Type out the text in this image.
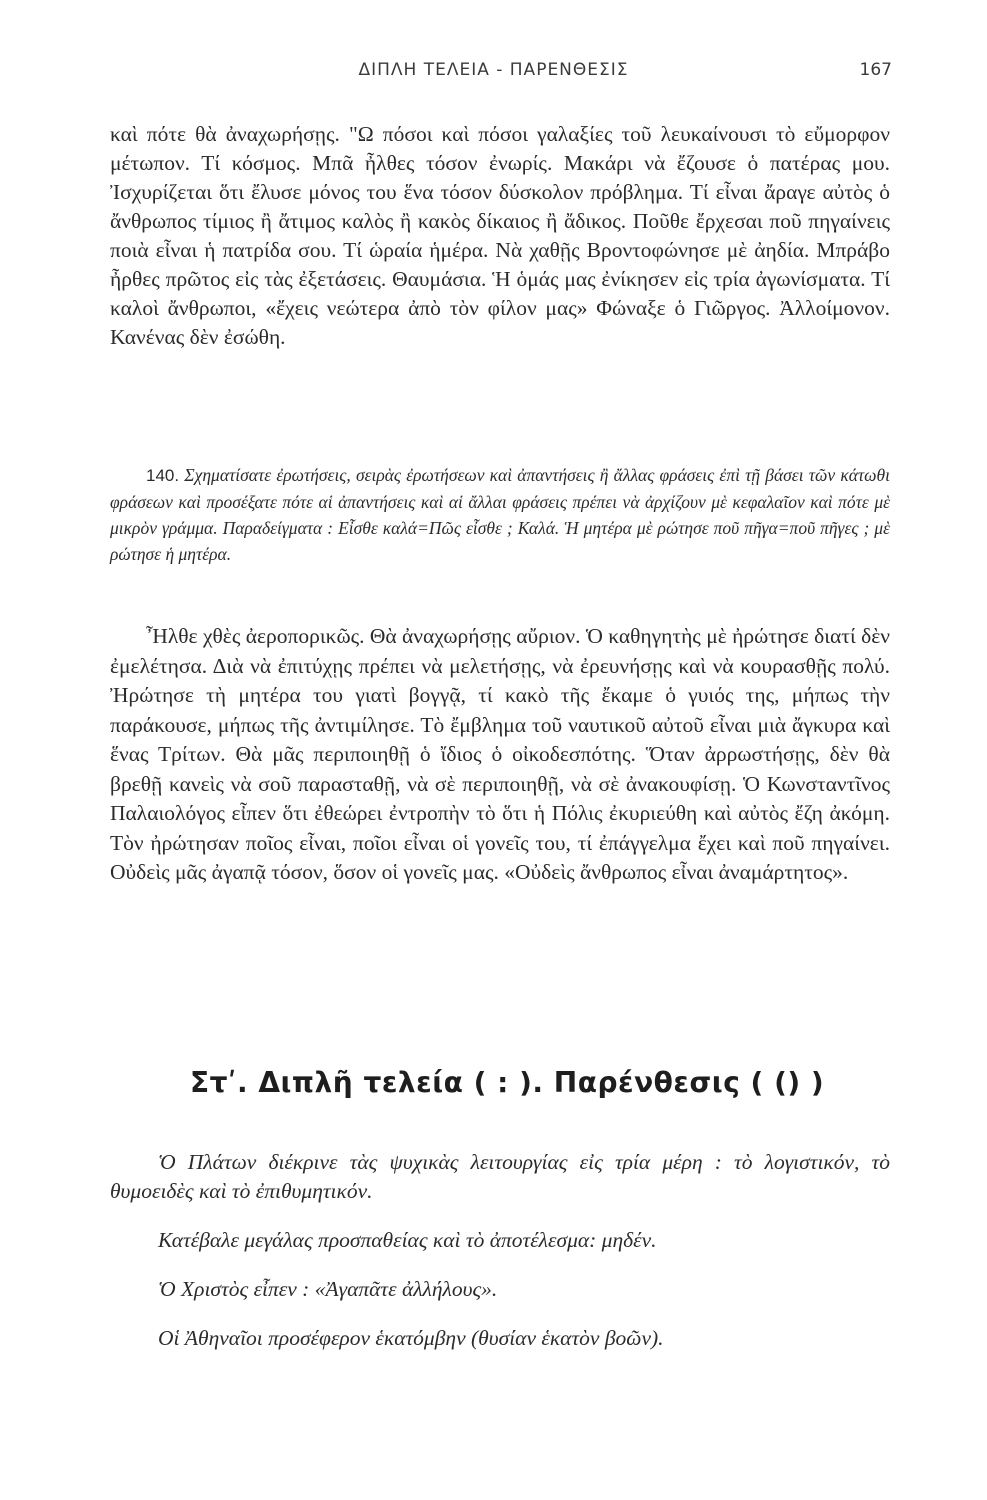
ΔΙΠΛΗ ΤΕΛΕΙΑ - ΠΑΡΕΝΘΕΣΙΣ	167

καὶ πότε θὰ ἀναχωρήσῃς. "Ω πόσοι καὶ πόσοι γαλαξίες τοῦ λευκαίνουσι τὸ εὔμορφον μέτωπον. Τί κόσμος. Μπᾶ ἦλθες τόσον ἐνωρίς. Μακάρι νὰ ἔζουσε ὁ πατέρας μου. Ἰσχυρίζεται ὅτι ἔλυσε μόνος του ἕνα τόσον δύσκολον πρόβλημα. Τί εἶναι ἄραγε αὐτὸς ὁ ἄνθρωπος τίμιος ἢ ἄτιμος καλὸς ἢ κακὸς δίκαιος ἢ ἄδικος. Ποῦθε ἔρχεσαι ποῦ πηγαίνεις ποιὰ εἶναι ἡ πατρίδα σου. Τί ὡραία ἡμέρα. Νὰ χαθῇς Βροντοφώνησε μὲ ἀηδία. Μπράβο ἦρθες πρῶτος εἰς τὰς ἐξετάσεις. Θαυμάσια. Ἡ ὁμάς μας ἐνίκησεν εἰς τρία ἀγωνίσματα. Τί καλοὶ ἄνθρωποι, «ἔχεις νεώτερα ἀπὸ τὸν φίλον μας» Φώναξε ὁ Γιῶργος. Ἀλλοίμονον. Κανένας δὲν ἐσώθη.

140. Σχηματίσατε ἐρωτήσεις, σειρὰς ἐρωτήσεων καὶ ἀπαντήσεις ἢ ἄλλας φράσεις ἐπὶ τῇ βάσει τῶν κάτωθι φράσεων καὶ προσέξατε πότε αἱ ἀπαντήσεις καὶ αἱ ἄλλαι φράσεις πρέπει νὰ ἀρχίζουν μὲ κεφαλαῖον καὶ πότε μὲ μικρὸν γράμμα. Παραδείγματα : Εἶσθε καλά=Πῶς εἶσθε ; Καλά. Ἡ μητέρα μὲ ρώτησε ποῦ πῆγα=ποῦ πῆγες ; μὲ ρώτησε ἡ μητέρα.

Ἦλθε χθὲς ἀεροπορικῶς. Θὰ ἀναχωρήσῃς αὔριον. Ὁ καθηγητὴς μὲ ἠρώτησε διατί δὲν ἐμελέτησα. Διὰ νὰ ἐπιτύχῃς πρέπει νὰ μελετήσῃς, νὰ ἐρευνήσῃς καὶ νὰ κουρασθῇς πολύ. Ἠρώτησε τὴ μητέρα του γιατὶ βογγᾷ, τί κακὸ τῆς ἔκαμε ὁ γυιός της, μήπως τὴν παράκουσε, μήπως τῆς ἀντιμίλησε. Τὸ ἔμβλημα τοῦ ναυτικοῦ αὐτοῦ εἶναι μιὰ ἄγκυρα καὶ ἕνας Τρίτων. Θὰ μᾶς περιποιηθῇ ὁ ἴδιος ὁ οἰκοδεσπότης. Ὅταν ἀρρωστήσῃς, δὲν θὰ βρεθῇ κανεὶς νὰ σοῦ παρασταθῇ, νὰ σὲ περιποιηθῇ, νὰ σὲ ἀνακουφίσῃ. Ὁ Κωνσταντῖνος Παλαιολόγος εἶπεν ὅτι ἐθεώρει ἐντροπὴν τὸ ὅτι ἡ Πόλις ἐκυριεύθη καὶ αὐτὸς ἔζη ἀκόμη. Τὸν ἠρώτησαν ποῖος εἶναι, ποῖοι εἶναι οἱ γονεῖς του, τί ἐπάγγελμα ἔχει καὶ ποῦ πηγαίνει. Οὐδεὶς μᾶς ἀγαπᾷ τόσον, ὅσον οἱ γονεῖς μας. «Οὐδεὶς ἄνθρωπος εἶναι ἀναμάρτητος».

Στʹ. Διπλῆ τελεία ( : ). Παρένθεσις ( () )

Ὁ Πλάτων διέκρινε τὰς ψυχικὰς λειτουργίας εἰς τρία μέρη : τὸ λογιστικόν, τὸ θυμοειδὲς καὶ τὸ ἐπιθυμητικόν.

Κατέβαλε μεγάλας προσπαθείας καὶ τὸ ἀποτέλεσμα: μηδέν.

Ὁ Χριστὸς εἶπεν : «Ἀγαπᾶτε ἀλλήλους».

Οἱ Ἀθηναῖοι προσέφερον ἑκατόμβην (θυσίαν ἑκατὸν βοῶν).
